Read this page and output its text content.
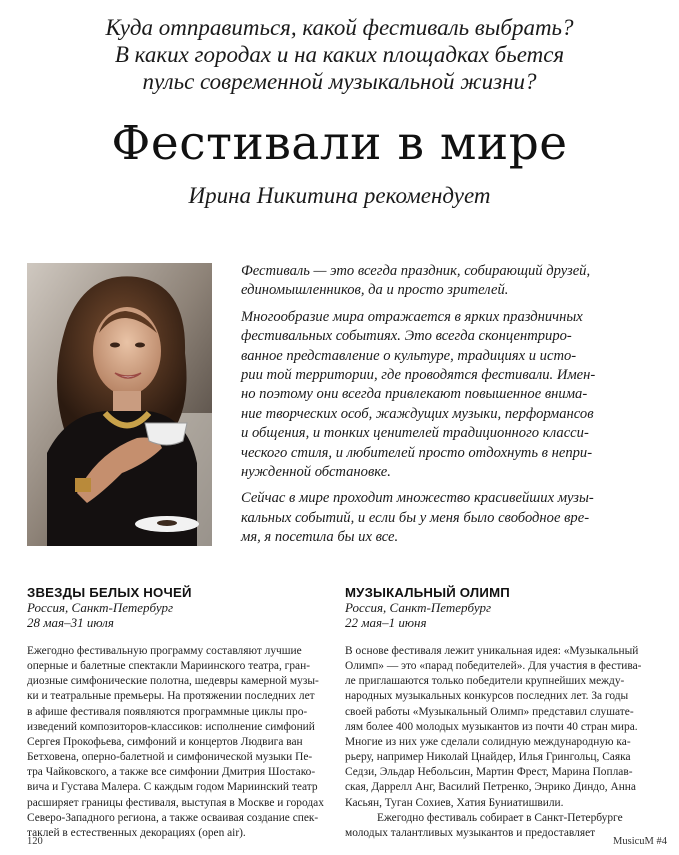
Куда отправиться, какой фестиваль выбрать?
В каких городах и на каких площадках бьется
пульс современной музыкальной жизни?
Фестивали в мире
Ирина Никитина рекомендует

Фестиваль — это всегда праздник, собирающий друзей,
единомышленников, да и просто зрителей.

Многообразие мира отражается в ярких праздничных
фестивальных событиях. Это всегда сконцентриро-
ванное представление о культуре, традициях и исто-
рии той территории, где проводятся фестивали. Имен-
но поэтому они всегда привлекают повышенное внима-
ние творческих особ, жаждущих музыки, перформансов
и общения, и тонких ценителей традиционного класси-
ческого стиля, и любителей просто отдохнуть в непри-
нужденной обстановке.

Сейчас в мире проходит множество красивейших музы-
кальных событий, и если бы у меня было свободное вре-
мя, я посетила бы их все.

ЗВЕЗДЫ БЕЛЫХ НОЧЕЙ

Россия, Санкт-Петербург

28 мая–31 июля

Ежегодно фестивальную программу составляют лучшие
оперные и балетные спектакли Мариинского театра, гран-
диозные симфонические полотна, шедевры камерной музы-
ки и театральные премьеры. На протяжении последних лет
в афише фестиваля появляются программные циклы про-
изведений композиторов-классиков: исполнение симфоний
Сергея Прокофьева, симфоний и концертов Людвига ван
Бетховена, оперно-балетной и симфонической музыки Пе-
тра Чайковского, а также все симфонии Дмитрия Шостако-
вича и Густава Малера. С каждым годом Мариинский театр
расширяет границы фестиваля, выступая в Москве и городах
Северо-Западного региона, а также осваивая создание спек-
таклей в естественных декорациях (open air).

МУЗЫКАЛЬНЫЙ ОЛИМП

Россия, Санкт-Петербург

22 мая–1 июня

В основе фестиваля лежит уникальная идея: «Музыкальный
Олимп» — это «парад победителей». Для участия в фестива-
ле приглашаются только победители крупнейших между-
народных музыкальных конкурсов последних лет. За годы
своей работы «Музыкальный Олимп» представил слушате-
лям более 400 молодых музыкантов из почти 40 стран мира.
Многие из них уже сделали солидную международную ка-
рьеру, например Николай Цнайдер, Илья Грингольц, Саяка
Седзи, Эльдар Небольсин, Мартин Фрест, Марина Поплав-
ская, Даррелл Анг, Василий Петренко, Энрико Диндо, Анна
Касьян, Туган Сохиев, Хатия Буниатишвили.
Ежегодно фестиваль собирает в Санкт-Петербурге
молодых талантливых музыкантов и предоставляет
120	MusicuM #4
